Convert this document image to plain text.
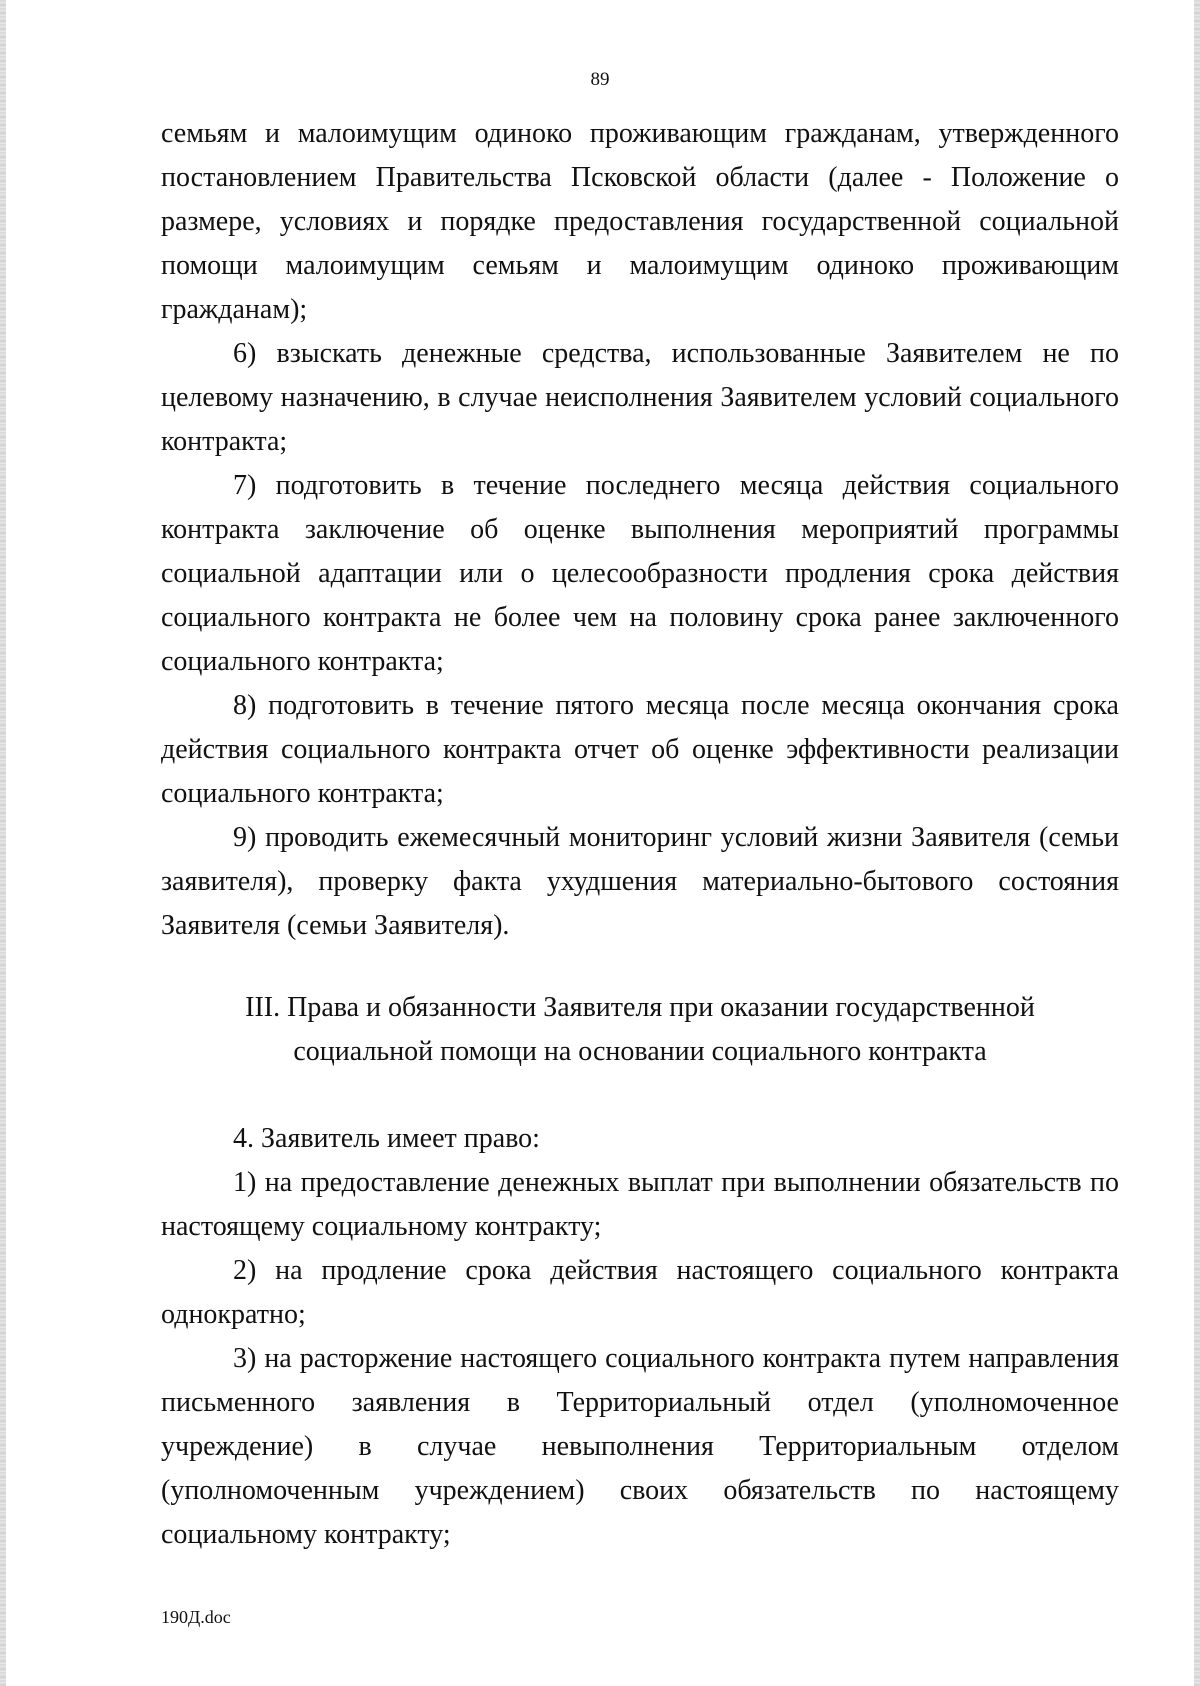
89

семьям и малоимущим одиноко проживающим гражданам, утвержденного постановлением Правительства Псковской области (далее - Положение о размере, условиях и порядке предоставления государственной социальной помощи малоимущим семьям и малоимущим одиноко проживающим гражданам);

6) взыскать денежные средства, использованные Заявителем не по целевому назначению, в случае неисполнения Заявителем условий социального контракта;

7) подготовить в течение последнего месяца действия социального контракта заключение об оценке выполнения мероприятий программы социальной адаптации или о целесообразности продления срока действия социального контракта не более чем на половину срока ранее заключенного социального контракта;

8) подготовить в течение пятого месяца после месяца окончания срока действия социального контракта отчет об оценке эффективности реализации социального контракта;

9) проводить ежемесячный мониторинг условий жизни Заявителя (семьи заявителя), проверку факта ухудшения материально-бытового состояния Заявителя (семьи Заявителя).

III. Права и обязанности Заявителя при оказании государственной

социальной помощи на основании социального контракта

4. Заявитель имеет право:

1) на предоставление денежных выплат при выполнении обязательств по настоящему социальному контракту;

2) на продление срока действия настоящего социального контракта однократно;

3) на расторжение настоящего социального контракта путем направления письменного заявления в Территориальный отдел (уполномоченное учреждение) в случае невыполнения Территориальным отделом (уполномоченным учреждением) своих обязательств по настоящему социальному контракту;

190Д.doc
